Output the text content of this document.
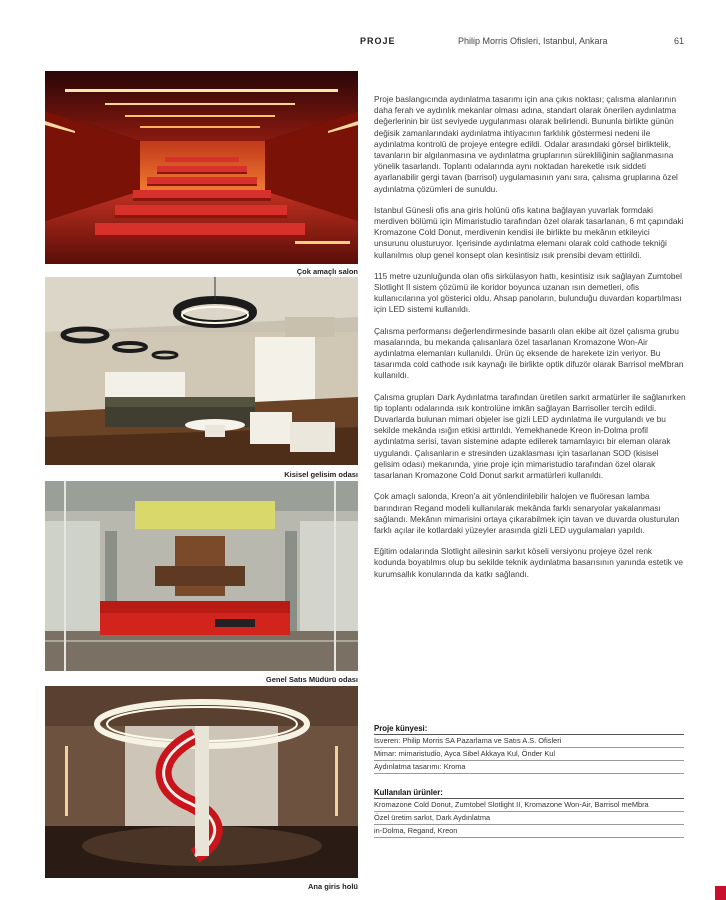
PROJE	Philip Morris Ofisleri, Istanbul, Ankara	61
Çok amaçlı salon
Kisisel gelisim odası
Genel Satıs Müdürü odası
Ana giris holü

Proje baslangıcında aydınlatma tasarımı için ana çıkıs noktası; çalısma alanlarının daha ferah ve aydınlık mekanlar olması adına, standart olarak önerilen aydınlatma değerlerinin bir üst seviyede uygulanması olarak belirlendi. Bununla birlikte günün değisik zamanlarındaki aydınlatma ihtiyacının farklılık göstermesi nedeni ile aydınlatma kontrolü de projeye entegre edildi. Odalar arasındaki görsel birliktelik, tavanların bir algılanmasına ve aydınlatma gruplarının sürekliliğinin sağlanmasına yönelik tasarlandı. Toplantı odalarında aynı noktadan hareketle ısık siddeti ayarlanabilir gergi tavan (barrisol) uygulamasının yanı sıra, çalısma gruplarına özel aydınlatma çözümleri de sunuldu.

Istanbul Günesli ofis ana giris holünü ofis katına bağlayan yuvarlak formdaki merdiven bölümü için Mimaristudio tarafından özel olarak tasarlanan, 6 mt çapındaki Kromazone Cold Donut, merdivenin kendisi ile birlikte bu mekânın etkileyici unsurunu olusturuyor. Içerisinde aydınlatma elemanı olarak cold cathode tekniği kullanılmıs olup genel konsept olan kesintisiz ısık prensibi devam ettirildi.

115 metre uzunluğunda olan ofis sirkülasyon hattı, kesintisiz ısık sağlayan Zumtobel Slotlight II sistem çözümü ile koridor boyunca uzanan ısın demetleri, ofis kullanıcılarına yol gösterici oldu. Ahsap panoların, bulunduğu duvardan kopartılması için LED sistemi kullanıldı.

Çalısma performansı değerlendirmesinde basarılı olan ekibe ait özel çalısma grubu masalarında, bu mekanda çalısanlara özel tasarlanan Kromazone Won-Air aydınlatma elemanları kullanıldı. Ürün üç eksende de harekete izin veriyor. Bu tasarımda cold cathode ısık kaynağı ile birlikte optik difuzör olarak Barrisol meMbran kullanıldı.

Çalısma grupları Dark Aydınlatma tarafından üretilen sarkıt armatürler ile sağlanırken tip toplantı odalarında ısık kontrolüne imkân sağlayan Barrisoller tercih edildi. Duvarlarda bulunan mimari objeler ise gizli LED aydınlatma ile vurgulandı ve bu sekilde mekânda ısığın etkisi arttırıldı. Yemekhanede Kreon in-Dolma profil aydınlatma serisi, tavan sistemine adapte edilerek tamamlayıcı bir eleman olarak uygulandı. Çalısanların e stresinden uzaklasması için tasarlanan SOD (kisisel gelisim odası) mekanında, yine proje için mimaristudio tarafından özel olarak tasarlanan Kromazone Cold Donut sarkıt armatürleri kullanıldı.

Çok amaçlı salonda, Kreon'a ait yönlendirilebilir halojen ve fluöresan lamba barındıran Regand modeli kullanılarak mekânda farklı senaryolar yakalanması sağlandı. Mekânın mimarisini ortaya çıkarabilmek için tavan ve duvarda olusturulan farklı açılar ile kotlardaki yüzeyler arasında gizli LED uygulamaları yapıldı.

Eğitim odalarında Slotlight ailesinin sarkıt köseli versiyonu projeye özel renk kodunda boyatılmıs olup bu sekilde teknik aydınlatma basarısının yanında estetik ve kurumsallık konularında da katkı sağlandı.

Proje künyesi:
Isveren: Philip Morris SA Pazarlama ve Satıs A.S. Ofisleri
Mimar: mimaristudio, Ayca Sibel Akkaya Kul, Önder Kul
Aydınlatma tasarımı: Kroma
Kullanılan ürünler:
Kromazone Cold Donut, Zumtobel Slotlight II, Kromazone Won-Air, Barrisol meMbra
Özel üretim sarkıt, Dark Aydınlatma
in-Dolma, Regand, Kreon
